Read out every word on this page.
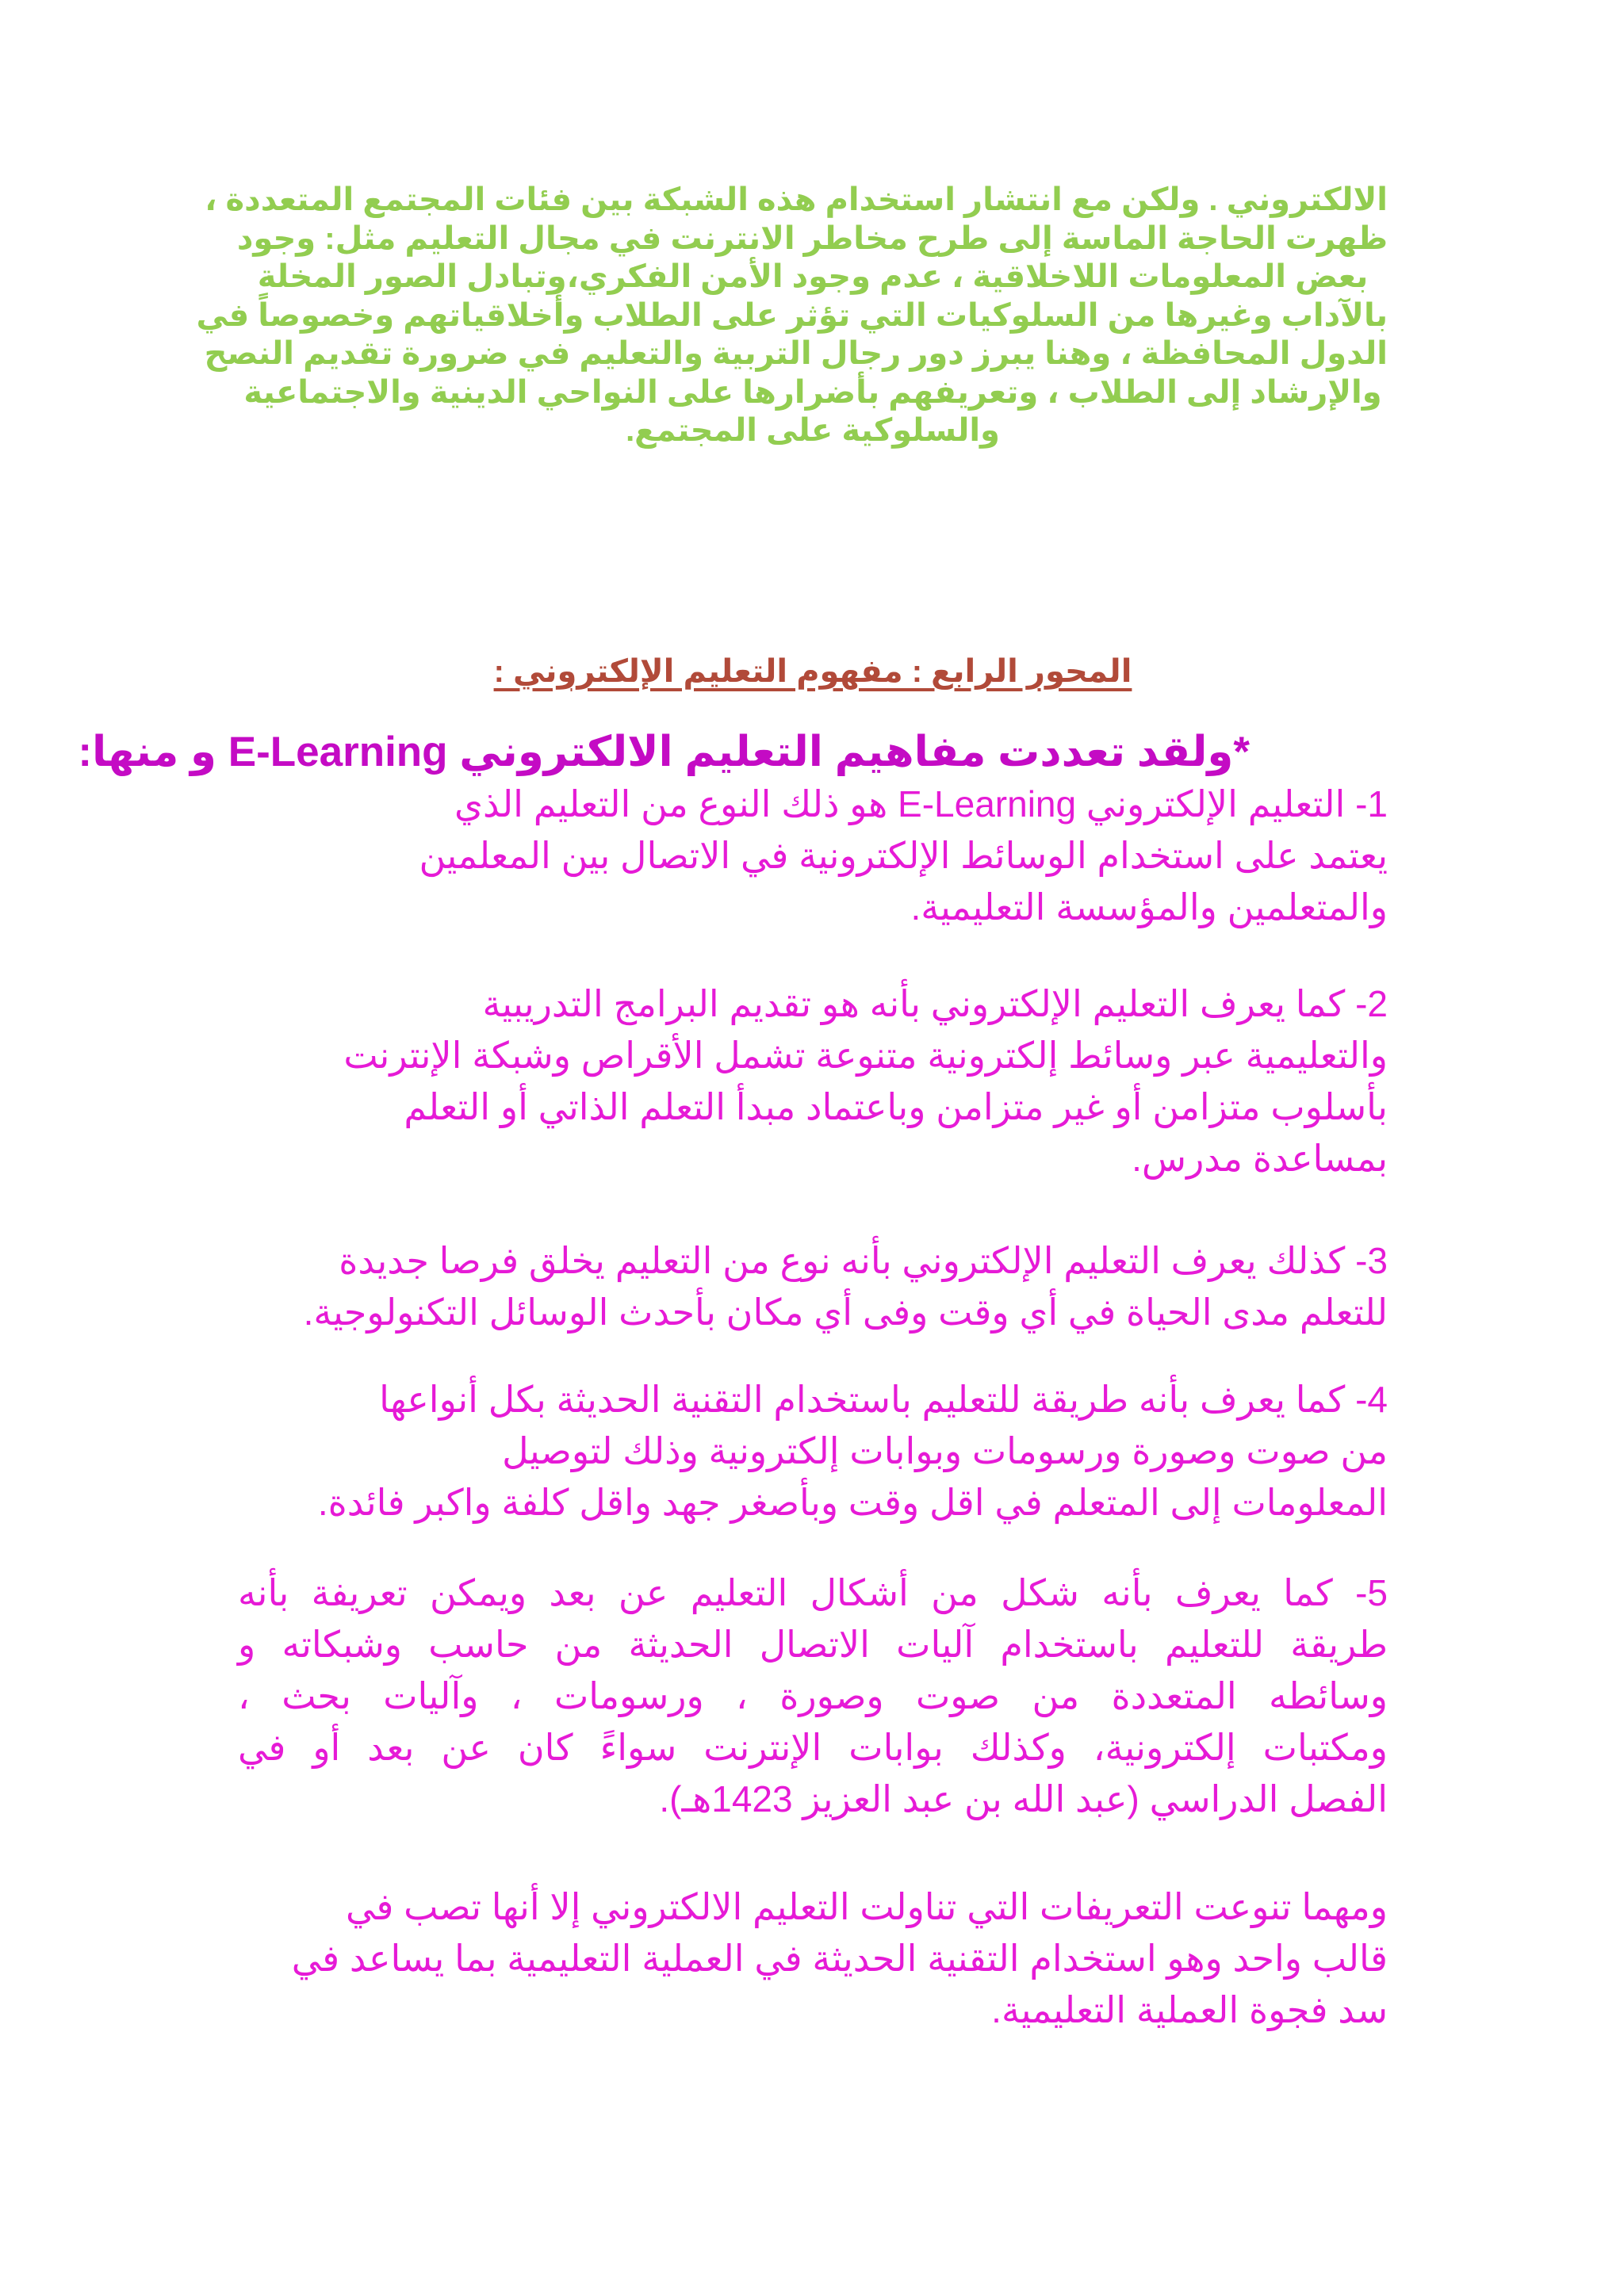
الالكتروني . ولكن مع انتشار استخدام هذه الشبكة بين فئات المجتمع المتعددة ،
ظهرت الحاجة الماسة إلى طرح مخاطر الانترنت في مجال التعليم مثل: وجود
بعض المعلومات اللاخلاقية ، عدم وجود الأمن الفكري،وتبادل الصور المخلة
بالآداب وغيرها من السلوكيات التي تؤثر على الطلاب وأخلاقياتهم وخصوصاً في
الدول المحافظة ، وهنا يبرز دور رجال التربية والتعليم في ضرورة تقديم النصح
والإرشاد إلى الطلاب ، وتعريفهم بأضرارها على النواحي الدينية والاجتماعية
والسلوكية على المجتمع.
المحور الرابع : مفهوم التعليم الإلكتروني :
*ولقد تعددت مفاهيم التعليم الالكتروني E-Learning و منها:
1- التعليم الإلكتروني E-Learning هو ذلك النوع من التعليم الذي
يعتمد على استخدام الوسائط الإلكترونية في الاتصال بين المعلمين
والمتعلمين والمؤسسة التعليمية.
2- كما يعرف التعليم الإلكتروني بأنه هو تقديم البرامج التدريبية
والتعليمية عبر وسائط إلكترونية متنوعة تشمل الأقراص وشبكة الإنترنت
بأسلوب متزامن أو غير متزامن وباعتماد مبدأ التعلم الذاتي أو التعلم
بمساعدة مدرس.
3- كذلك يعرف التعليم الإلكتروني بأنه نوع من التعليم يخلق فرصا جديدة
للتعلم مدى الحياة في أي وقت وفى أي مكان بأحدث الوسائل التكنولوجية.
4- كما يعرف بأنه طريقة للتعليم باستخدام التقنية الحديثة بكل أنواعها
من صوت وصورة ورسومات وبوابات إلكترونية وذلك لتوصيل
المعلومات إلى المتعلم في اقل وقت وبأصغر جهد واقل كلفة واكبر فائدة.
5- كما يعرف بأنه شكل من أشكال التعليم عن بعد ويمكن تعريفة بأنه
طريقة للتعليم باستخدام آليات الاتصال الحديثة من حاسب وشبكاته و
وسائطه المتعددة من صوت وصورة ، ورسومات ، وآليات بحث ،
ومكتبات إلكترونية، وكذلك بوابات الإنترنت سواءً كان عن بعد أو في
الفصل الدراسي (عبد الله بن عبد العزيز 1423هـ).
ومهما تنوعت التعريفات التي تناولت التعليم الالكتروني إلا أنها تصب في
قالب واحد وهو استخدام التقنية الحديثة في العملية التعليمية بما يساعد في
سد فجوة العملية التعليمية.
